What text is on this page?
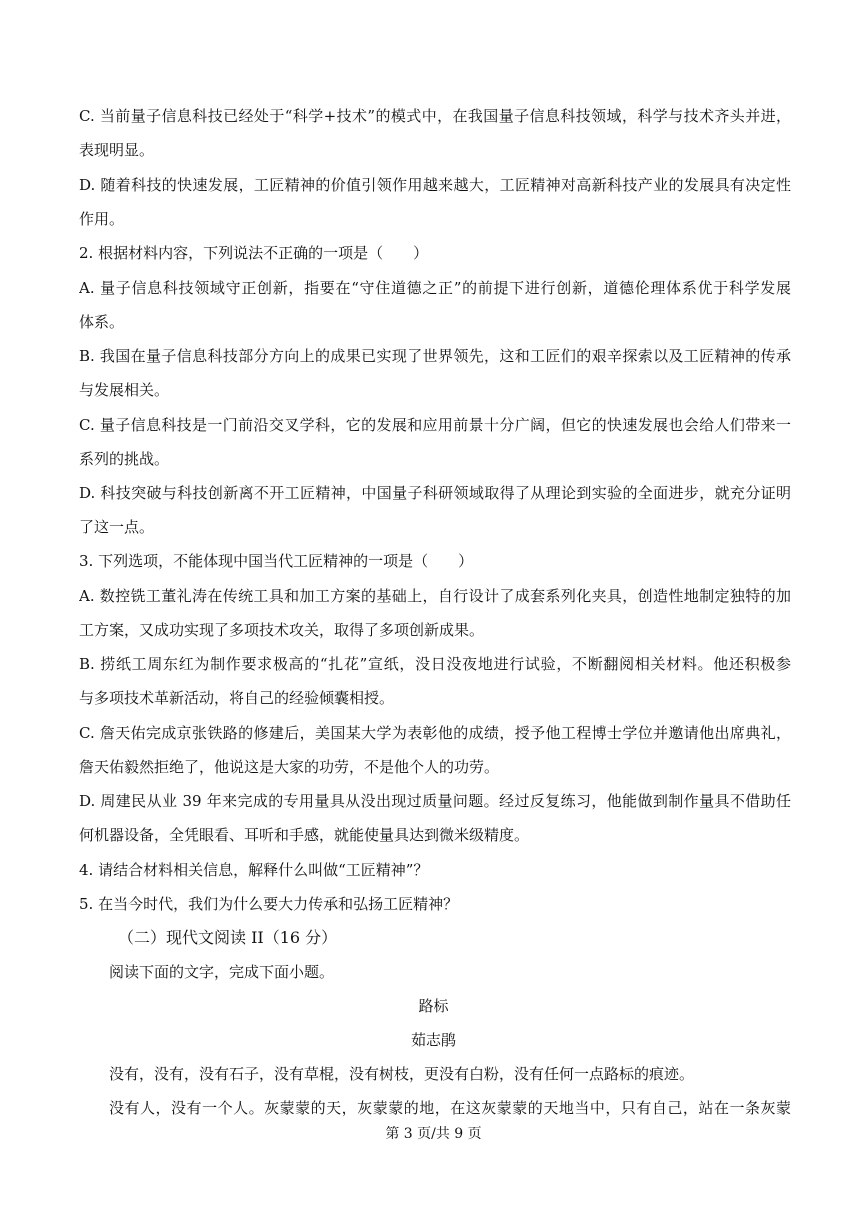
C. 当前量子信息科技已经处于“科学+技术”的模式中，在我国量子信息科技领域，科学与技术齐头并进，
表现明显。
D. 随着科技的快速发展，工匠精神的价值引领作用越来越大，工匠精神对高新科技产业的发展具有决定性
作用。
2. 根据材料内容，下列说法不正确的一项是（　　）
A. 量子信息科技领域守正创新，指要在“守住道德之正”的前提下进行创新，道德伦理体系优于科学发展
体系。
B. 我国在量子信息科技部分方向上的成果已实现了世界领先，这和工匠们的艰辛探索以及工匠精神的传承
与发展相关。
C. 量子信息科技是一门前沿交叉学科，它的发展和应用前景十分广阔，但它的快速发展也会给人们带来一
系列的挑战。
D. 科技突破与科技创新离不开工匠精神，中国量子科研领域取得了从理论到实验的全面进步，就充分证明
了这一点。
3. 下列选项，不能体现中国当代工匠精神的一项是（　　）
A. 数控铣工董礼涛在传统工具和加工方案的基础上，自行设计了成套系列化夹具，创造性地制定独特的加
工方案，又成功实现了多项技术攻关，取得了多项创新成果。
B. 捞纸工周东红为制作要求极高的“扎花”宣纸，没日没夜地进行试验，不断翻阅相关材料。他还积极参
与多项技术革新活动，将自己的经验倾囊相授。
C. 詹天佑完成京张铁路的修建后，美国某大学为表彰他的成绩，授予他工程博士学位并邀请他出席典礼，
詹天佑毅然拒绝了，他说这是大家的功劳，不是他个人的功劳。
D. 周建民从业 39 年来完成的专用量具从没出现过质量问题。经过反复练习，他能做到制作量具不借助任
何机器设备，全凭眼看、耳听和手感，就能使量具达到微米级精度。
4. 请结合材料相关信息，解释什么叫做“工匠精神”？
5. 在当今时代，我们为什么要大力传承和弘扬工匠精神？
（二）现代文阅读 II（16 分）
阅读下面的文字，完成下面小题。
路标
茹志鹃
没有，没有，没有石子，没有草棍，没有树枝，更没有白粉，没有任何一点路标的痕迹。
没有人，没有一个人。灰蒙蒙的天，灰蒙蒙的地，在这灰蒙蒙的天地当中，只有自己，站在一条灰蒙
第 3 页/共 9 页
